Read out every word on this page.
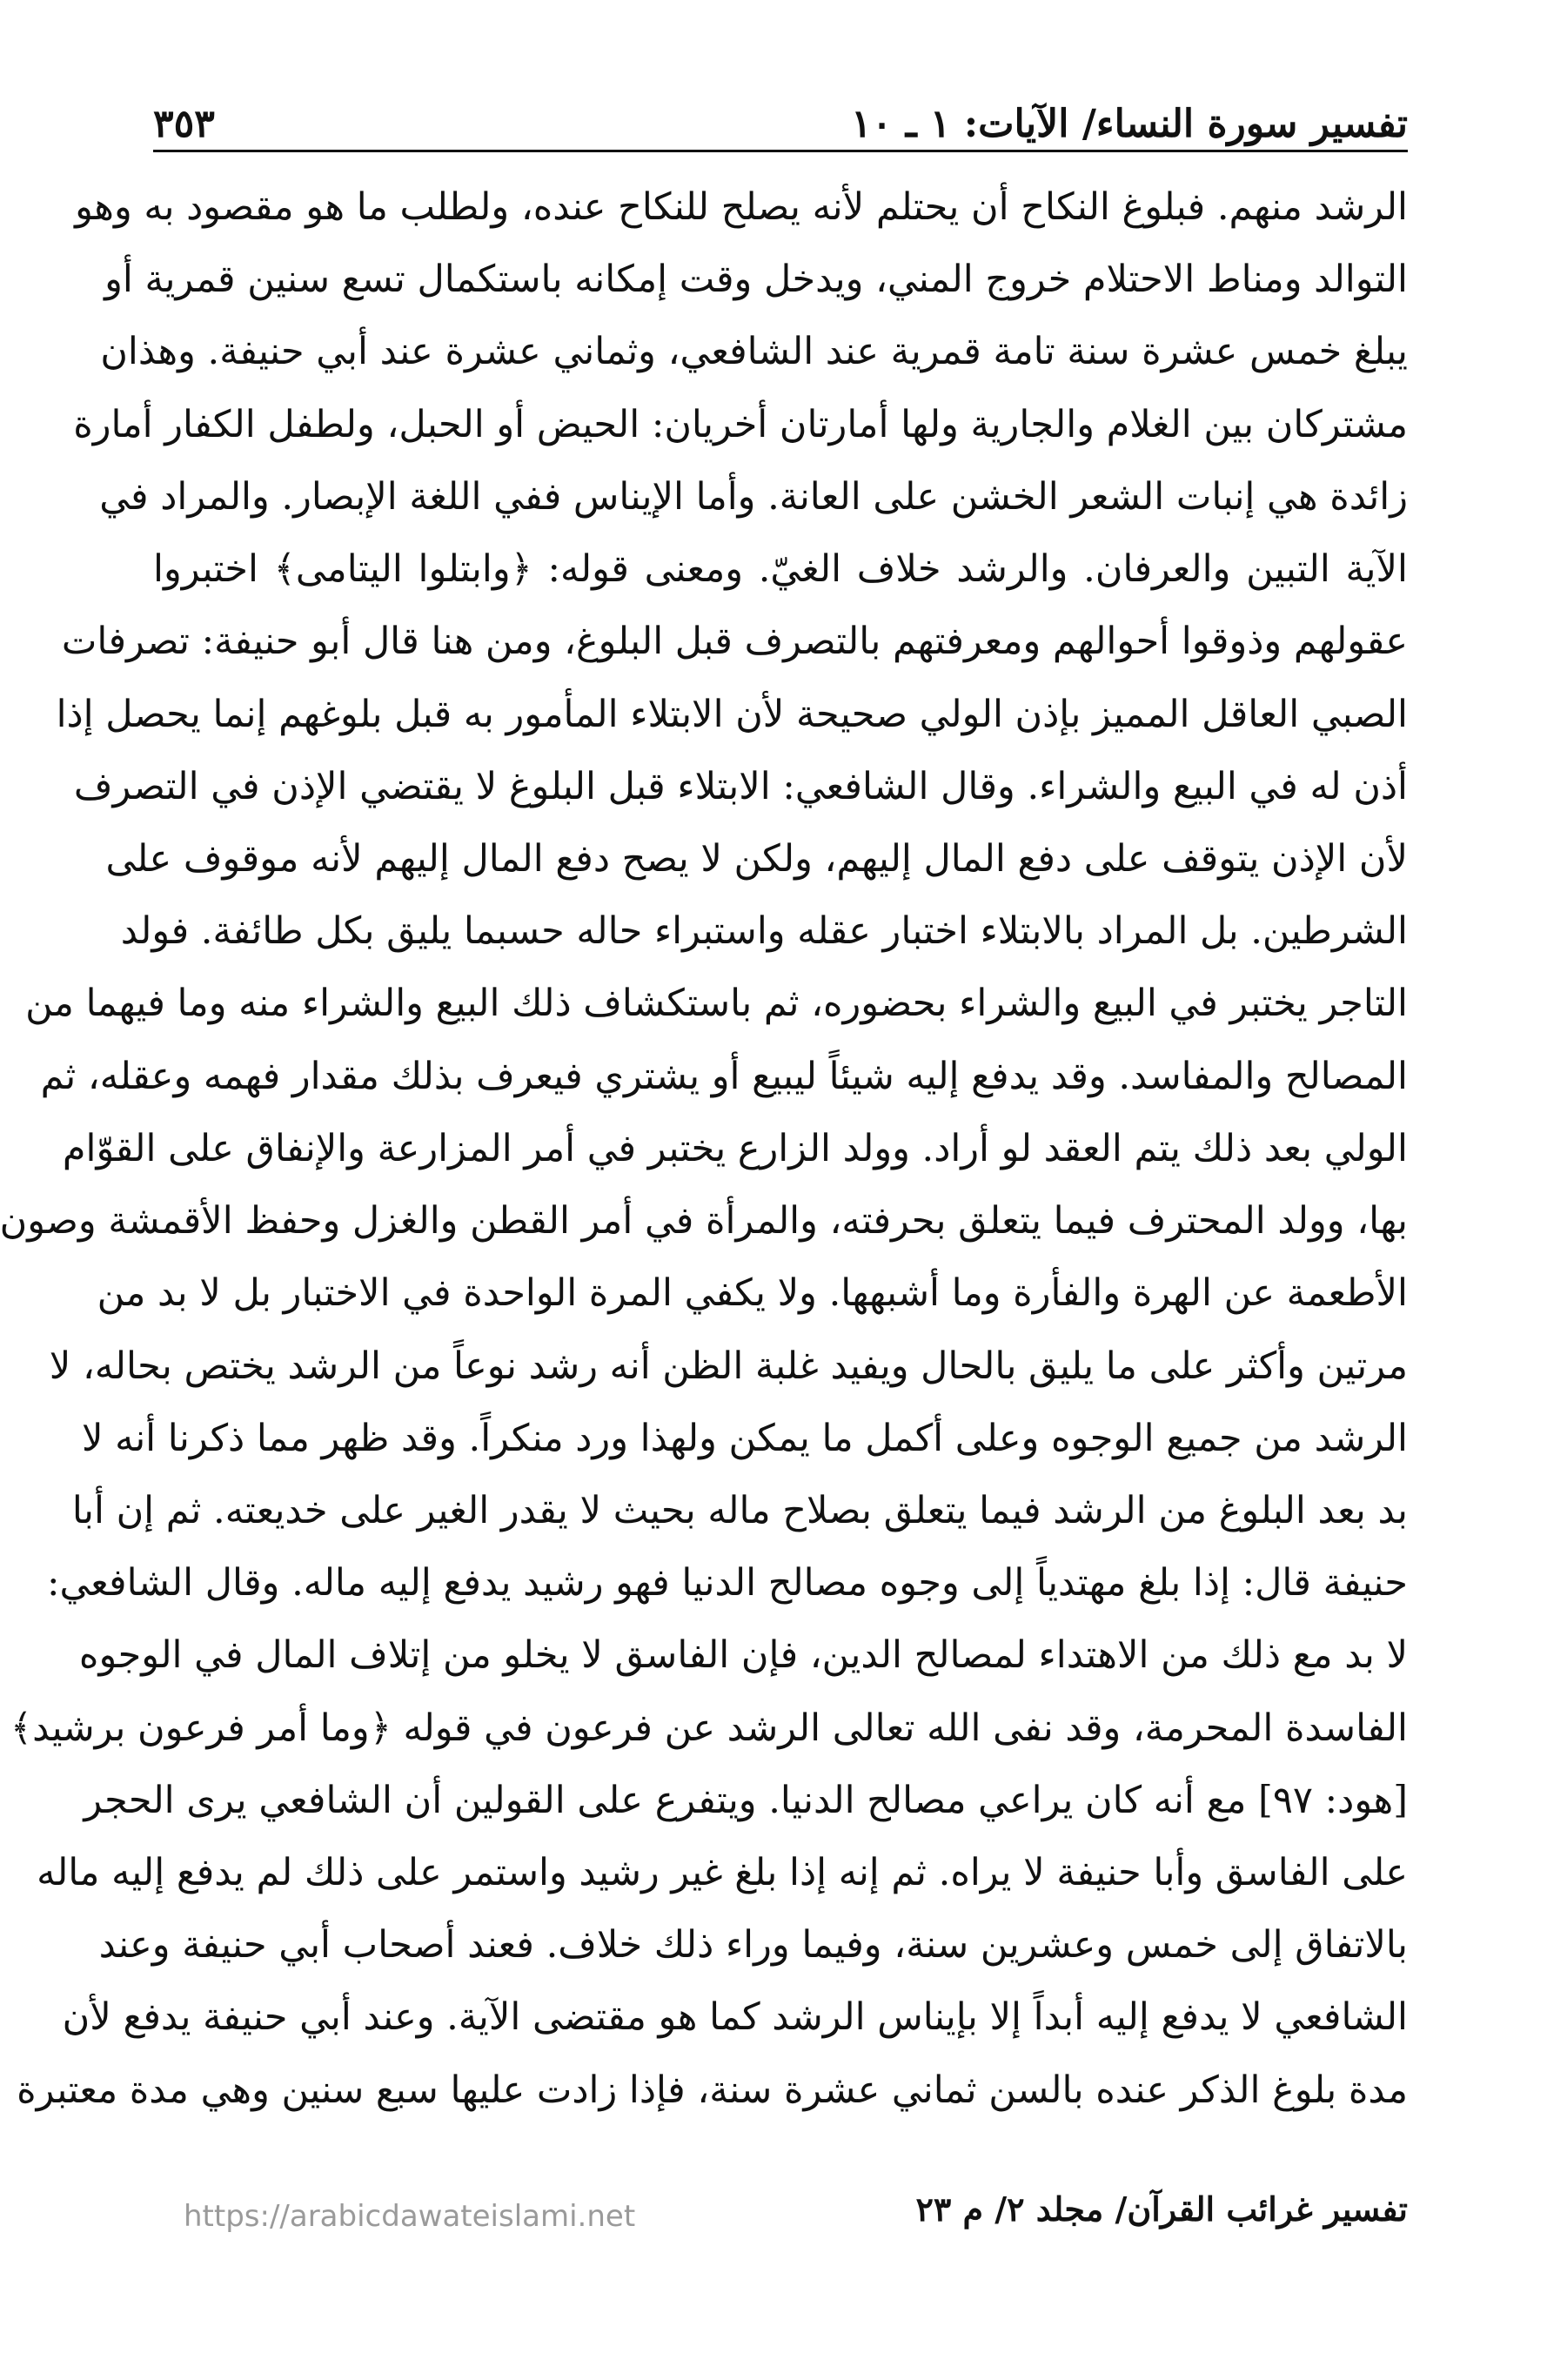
تفسير سورة النساء/ الآيات: ١ ـ ١٠
٣٥٣
الرشد منهم. فبلوغ النكاح أن يحتلم لأنه يصلح للنكاح عنده، ولطلب ما هو مقصود به وهو
التوالد ومناط الاحتلام خروج المني، ويدخل وقت إمكانه باستكمال تسع سنين قمرية أو
يبلغ خمس عشرة سنة تامة قمرية عند الشافعي، وثماني عشرة عند أبي حنيفة. وهذان
مشتركان بين الغلام والجارية ولها أمارتان أخريان: الحيض أو الحبل، ولطفل الكفار أمارة
زائدة هي إنبات الشعر الخشن على العانة. وأما الإيناس ففي اللغة الإبصار. والمراد في
الآية التبين والعرفان. والرشد خلاف الغيّ. ومعنى قوله: ﴿وابتلوا اليتامى﴾ اختبروا
عقولهم وذوقوا أحوالهم ومعرفتهم بالتصرف قبل البلوغ، ومن هنا قال أبو حنيفة: تصرفات
الصبي العاقل المميز بإذن الولي صحيحة لأن الابتلاء المأمور به قبل بلوغهم إنما يحصل إذا
أذن له في البيع والشراء. وقال الشافعي: الابتلاء قبل البلوغ لا يقتضي الإذن في التصرف
لأن الإذن يتوقف على دفع المال إليهم، ولكن لا يصح دفع المال إليهم لأنه موقوف على
الشرطين. بل المراد بالابتلاء اختبار عقله واستبراء حاله حسبما يليق بكل طائفة. فولد
التاجر يختبر في البيع والشراء بحضوره، ثم باستكشاف ذلك البيع والشراء منه وما فيهما من
المصالح والمفاسد. وقد يدفع إليه شيئاً ليبيع أو يشتري فيعرف بذلك مقدار فهمه وعقله، ثم
الولي بعد ذلك يتم العقد لو أراد. وولد الزارع يختبر في أمر المزارعة والإنفاق على القوّام
بها، وولد المحترف فيما يتعلق بحرفته، والمرأة في أمر القطن والغزل وحفظ الأقمشة وصون
الأطعمة عن الهرة والفأرة وما أشبهها. ولا يكفي المرة الواحدة في الاختبار بل لا بد من
مرتين وأكثر على ما يليق بالحال ويفيد غلبة الظن أنه رشد نوعاً من الرشد يختص بحاله، لا
الرشد من جميع الوجوه وعلى أكمل ما يمكن ولهذا ورد منكراً. وقد ظهر مما ذكرنا أنه لا
بد بعد البلوغ من الرشد فيما يتعلق بصلاح ماله بحيث لا يقدر الغير على خديعته. ثم إن أبا
حنيفة قال: إذا بلغ مهتدياً إلى وجوه مصالح الدنيا فهو رشيد يدفع إليه ماله. وقال الشافعي:
لا بد مع ذلك من الاهتداء لمصالح الدين، فإن الفاسق لا يخلو من إتلاف المال في الوجوه
الفاسدة المحرمة، وقد نفى الله تعالى الرشد عن فرعون في قوله ﴿وما أمر فرعون برشيد﴾
[هود: ٩٧] مع أنه كان يراعي مصالح الدنيا. ويتفرع على القولين أن الشافعي يرى الحجر
على الفاسق وأبا حنيفة لا يراه. ثم إنه إذا بلغ غير رشيد واستمر على ذلك لم يدفع إليه ماله
بالاتفاق إلى خمس وعشرين سنة، وفيما وراء ذلك خلاف. فعند أصحاب أبي حنيفة وعند
الشافعي لا يدفع إليه أبداً إلا بإيناس الرشد كما هو مقتضى الآية. وعند أبي حنيفة يدفع لأن
مدة بلوغ الذكر عنده بالسن ثماني عشرة سنة، فإذا زادت عليها سبع سنين وهي مدة معتبرة
تفسير غرائب القرآن/ مجلد ٢/ م ٢٣
https://arabicdawateislami.net
